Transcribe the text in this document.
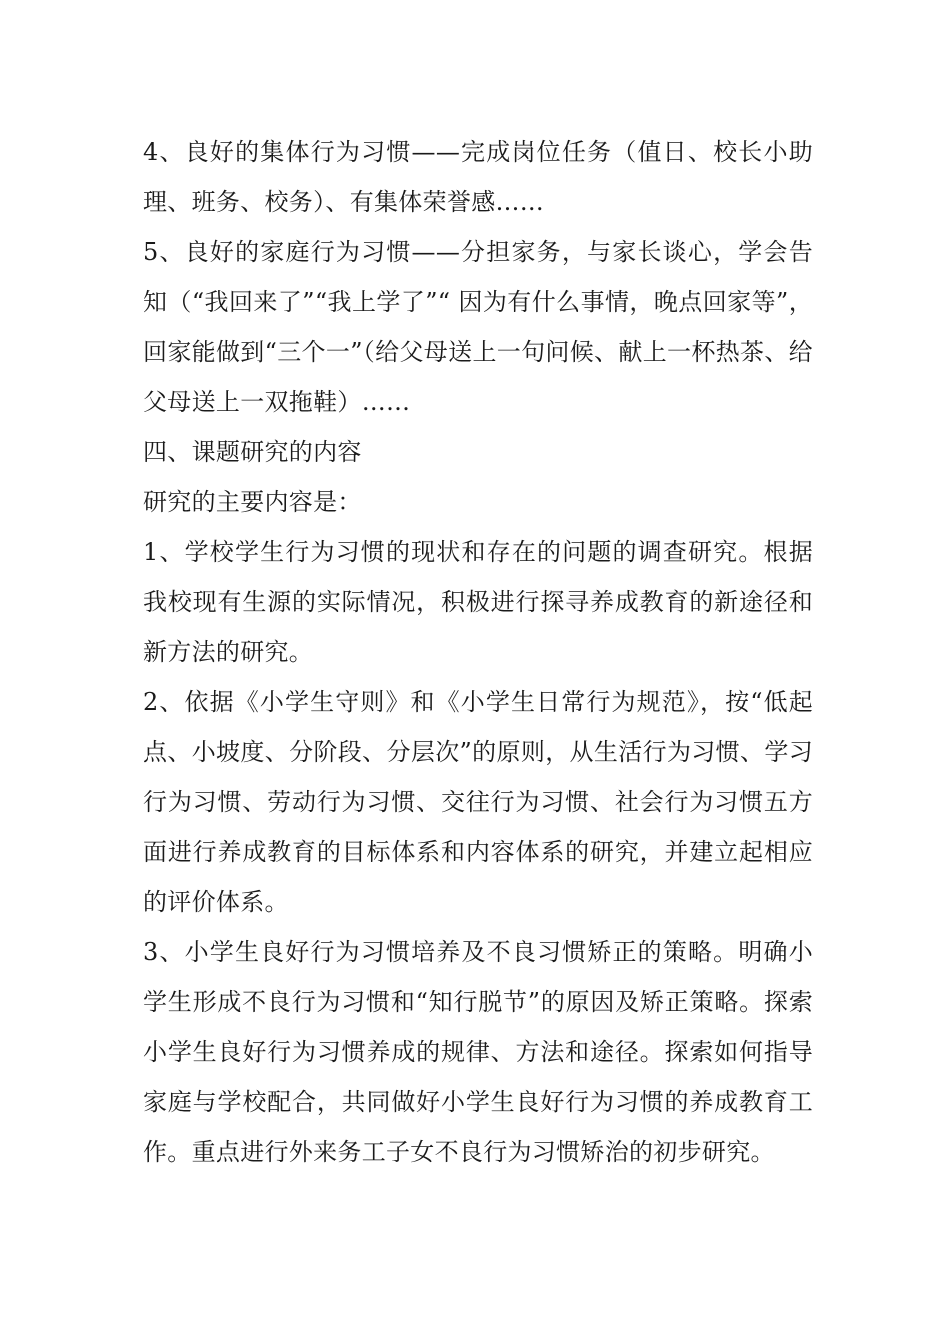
4、良好的集体行为习惯——完成岗位任务（值日、校长小助理、班务、校务）、有集体荣誉感……

5、良好的家庭行为习惯——分担家务，与家长谈心，学会告知（“我回来了”“我上学了”“ 因为有什么事情，晚点回家等”，回家能做到“三个一”（给父母送上一句问候、献上一杯热茶、给父母送上一双拖鞋）……

四、课题研究的内容

研究的主要内容是：

1、学校学生行为习惯的现状和存在的问题的调查研究。根据我校现有生源的实际情况，积极进行探寻养成教育的新途径和新方法的研究。

2、依据《小学生守则》和《小学生日常行为规范》，按“低起点、小坡度、分阶段、分层次”的原则，从生活行为习惯、学习行为习惯、劳动行为习惯、交往行为习惯、社会行为习惯五方面进行养成教育的目标体系和内容体系的研究，并建立起相应的评价体系。

3、小学生良好行为习惯培养及不良习惯矫正的策略。明确小学生形成不良行为习惯和“知行脱节”的原因及矫正策略。探索小学生良好行为习惯养成的规律、方法和途径。探索如何指导家庭与学校配合，共同做好小学生良好行为习惯的养成教育工作。重点进行外来务工子女不良行为习惯矫治的初步研究。
